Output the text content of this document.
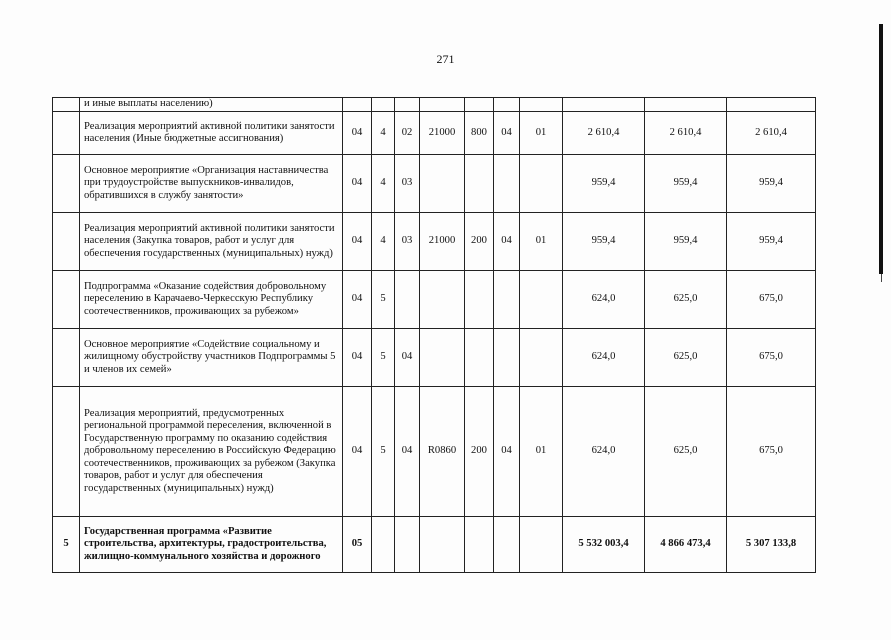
271
	и иные выплаты населению)										
	Реализация мероприятий активной политики занятости населения (Иные бюджетные ассигнования)	04	4	02	21000	800	04	01	2 610,4	2 610,4	2 610,4
	Основное мероприятие «Организация наставничества при трудоустройстве выпускников-инвалидов, обратившихся в службу занятости»	04	4	03					959,4	959,4	959,4
	Реализация мероприятий активной политики занятости населения (Закупка товаров, работ и услуг для обеспечения государственных (муниципальных) нужд)	04	4	03	21000	200	04	01	959,4	959,4	959,4
	Подпрограмма «Оказание содействия добровольному переселению в Карачаево-Черкесскую Республику соотечественников, проживающих за рубежом»	04	5						624,0	625,0	675,0
	Основное мероприятие «Содействие социальному и жилищному обустройству участников Подпрограммы 5 и членов их семей»	04	5	04					624,0	625,0	675,0
	Реализация мероприятий, предусмотренных региональной программой переселения, включенной в Государственную программу по оказанию содействия добровольному переселению в Российскую Федерацию соотечественников, проживающих за рубежом (Закупка товаров, работ и услуг для обеспечения государственных (муниципальных) нужд)	04	5	04	R0860	200	04	01	624,0	625,0	675,0
5	Государственная программа «Развитие строительства, архитектуры, градостроительства, жилищно-коммунального хозяйства и дорожного	05							5 532 003,4	4 866 473,4	5 307 133,8
